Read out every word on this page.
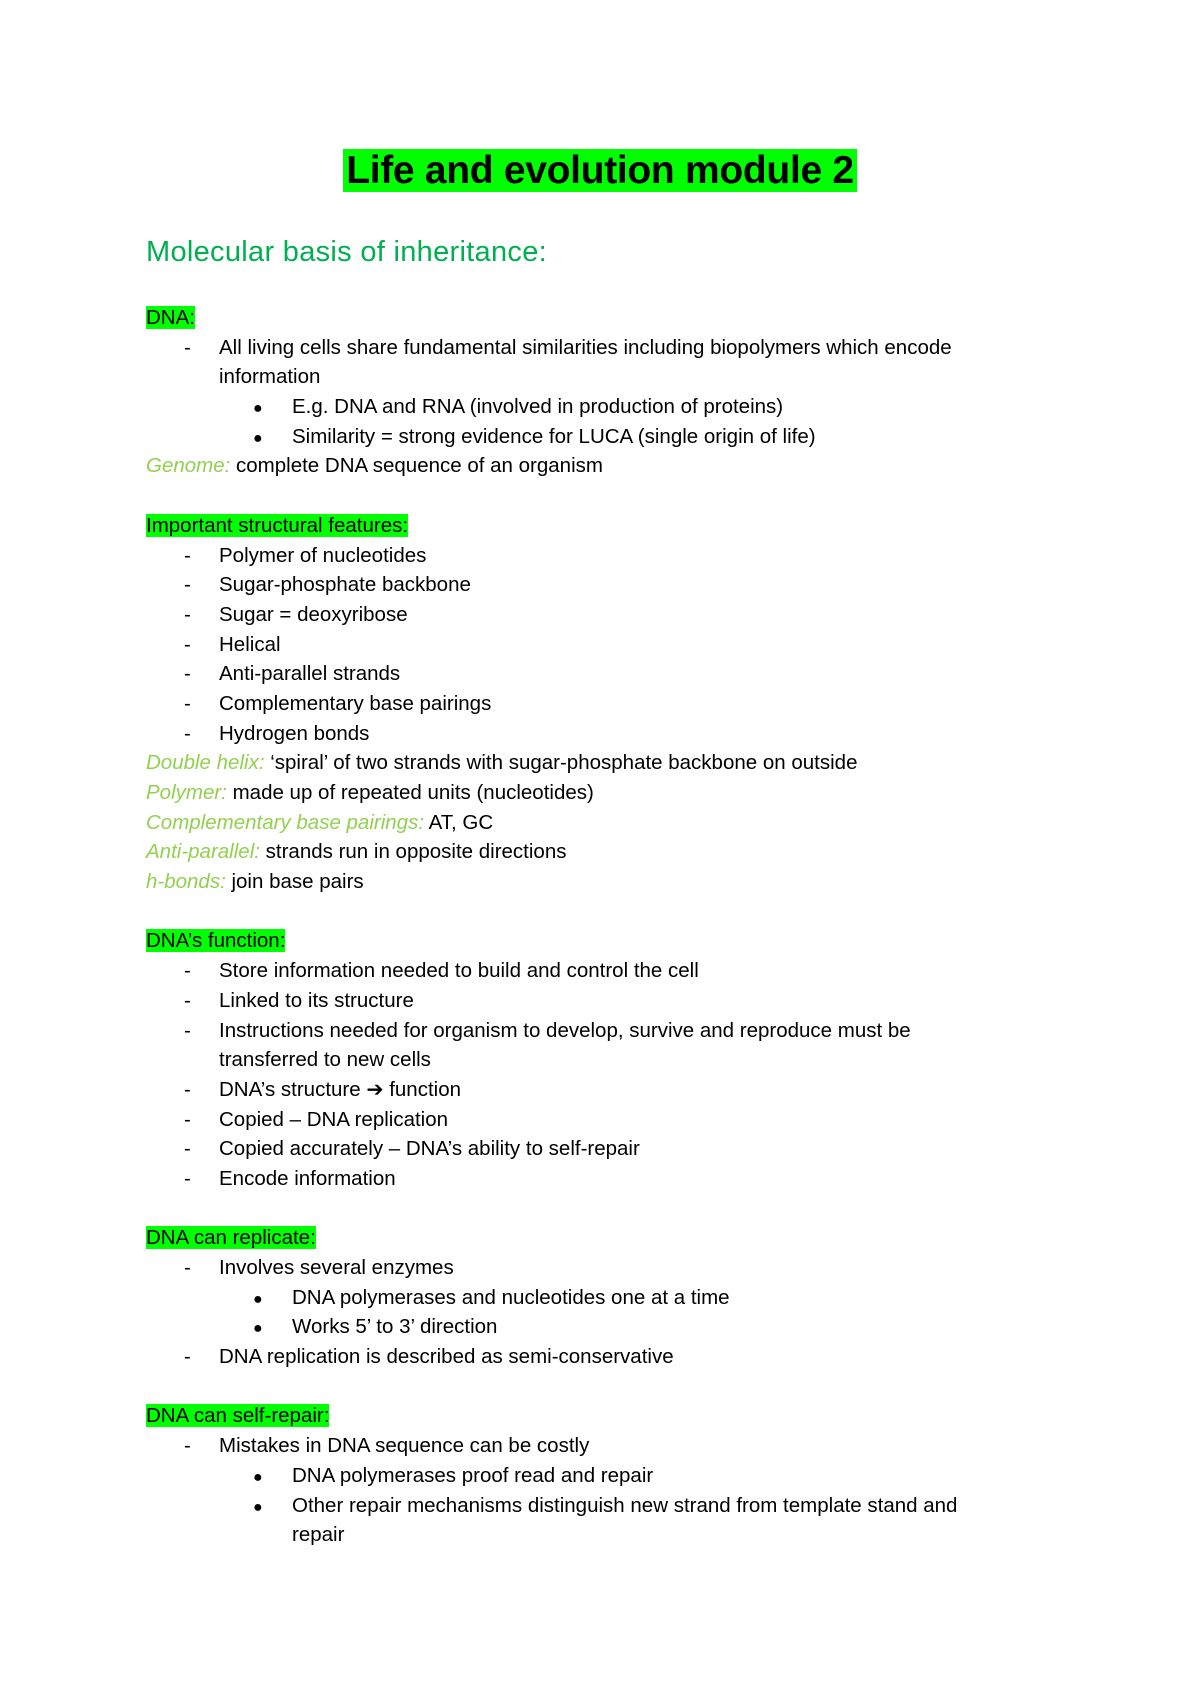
Life and evolution module 2
Molecular basis of inheritance:
DNA:
- All living cells share fundamental similarities including biopolymers which encode
information
● E.g. DNA and RNA (involved in production of proteins)
● Similarity = strong evidence for LUCA (single origin of life)
Genome: complete DNA sequence of an organism
Important structural features:
- Polymer of nucleotides
- Sugar-phosphate backbone
- Sugar = deoxyribose
- Helical
- Anti-parallel strands
- Complementary base pairings
- Hydrogen bonds
Double helix: ‘spiral’ of two strands with sugar-phosphate backbone on outside
Polymer: made up of repeated units (nucleotides)
Complementary base pairings: AT, GC
Anti-parallel: strands run in opposite directions
h-bonds: join base pairs
DNA’s function:
- Store information needed to build and control the cell
- Linked to its structure
- Instructions needed for organism to develop, survive and reproduce must be
transferred to new cells
- DNA’s structure ➔ function
- Copied – DNA replication
- Copied accurately – DNA’s ability to self-repair
- Encode information
DNA can replicate:
- Involves several enzymes
● DNA polymerases and nucleotides one at a time
● Works 5’ to 3’ direction
- DNA replication is described as semi-conservative
DNA can self-repair:
- Mistakes in DNA sequence can be costly
● DNA polymerases proof read and repair
● Other repair mechanisms distinguish new strand from template stand and
repair
